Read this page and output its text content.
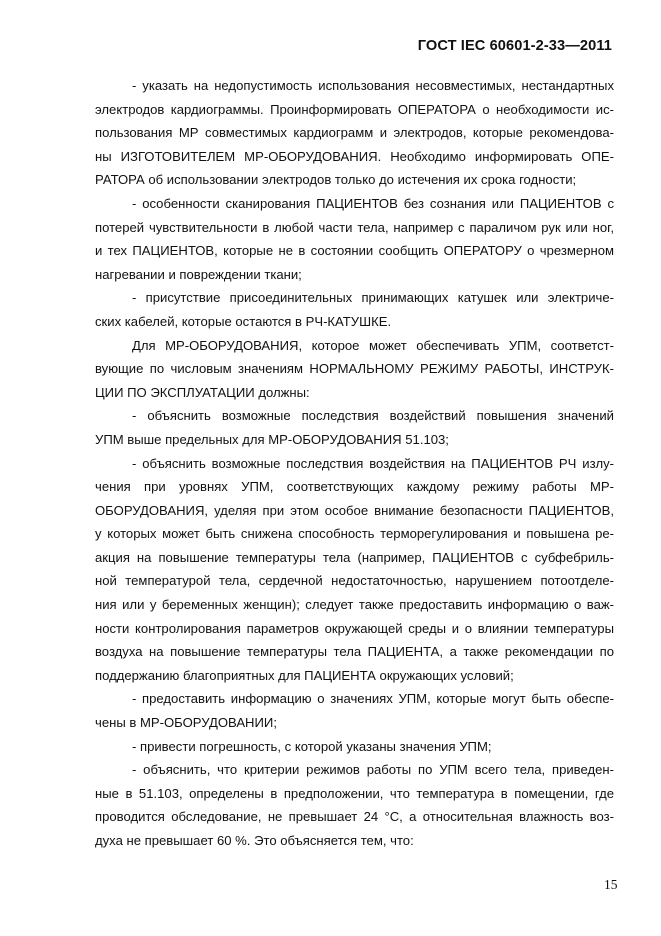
ГОСТ IEC 60601-2-33—2011
- указать на недопустимость использования несовместимых, нестандартных
электродов кардиограммы. Проинформировать ОПЕРАТОРА о необходимости ис-
пользования МР совместимых кардиограмм и электродов, которые рекомендова-
ны ИЗГОТОВИТЕЛЕМ МР-ОБОРУДОВАНИЯ. Необходимо информировать ОПЕ-
РАТОРА об использовании электродов только до истечения их срока годности;
- особенности сканирования ПАЦИЕНТОВ без сознания или ПАЦИЕНТОВ с
потерей чувствительности в любой части тела, например с параличом рук или ног,
и тех ПАЦИЕНТОВ, которые не в состоянии сообщить ОПЕРАТОРУ о чрезмерном
нагревании и повреждении ткани;
- присутствие присоединительных принимающих катушек или электриче-
ских кабелей, которые остаются в РЧ-КАТУШКЕ.
Для МР-ОБОРУДОВАНИЯ, которое может обеспечивать УПМ, соответст-
вующие по числовым значениям НОРМАЛЬНОМУ РЕЖИМУ РАБОТЫ, ИНСТРУК-
ЦИИ ПО ЭКСПЛУАТАЦИИ должны:
- объяснить возможные последствия воздействий повышения значений
УПМ выше предельных для МР-ОБОРУДОВАНИЯ 51.103;
- объяснить возможные последствия воздействия на ПАЦИЕНТОВ РЧ излу-
чения при уровнях УПМ, соответствующих каждому режиму работы МР-
ОБОРУДОВАНИЯ, уделяя при этом особое внимание безопасности ПАЦИЕНТОВ,
у которых может быть снижена способность терморегулирования и повышена ре-
акция на повышение температуры тела (например, ПАЦИЕНТОВ с субфебриль-
ной температурой тела, сердечной недостаточностью, нарушением потоотделе-
ния или у беременных женщин); следует также предоставить информацию о важ-
ности контролирования параметров окружающей среды и о влиянии температуры
воздуха на повышение температуры тела ПАЦИЕНТА, а также рекомендации по
поддержанию благоприятных для ПАЦИЕНТА окружающих условий;
- предоставить информацию о значениях УПМ, которые могут быть обеспе-
чены в МР-ОБОРУДОВАНИИ;
- привести погрешность, с которой указаны значения УПМ;
- объяснить, что критерии режимов работы по УПМ всего тела, приведен-
ные в 51.103, определены в предположении, что температура в помещении, где
проводится обследование, не превышает 24 °С, а относительная влажность воз-
духа не превышает 60 %. Это объясняется тем, что:
15
